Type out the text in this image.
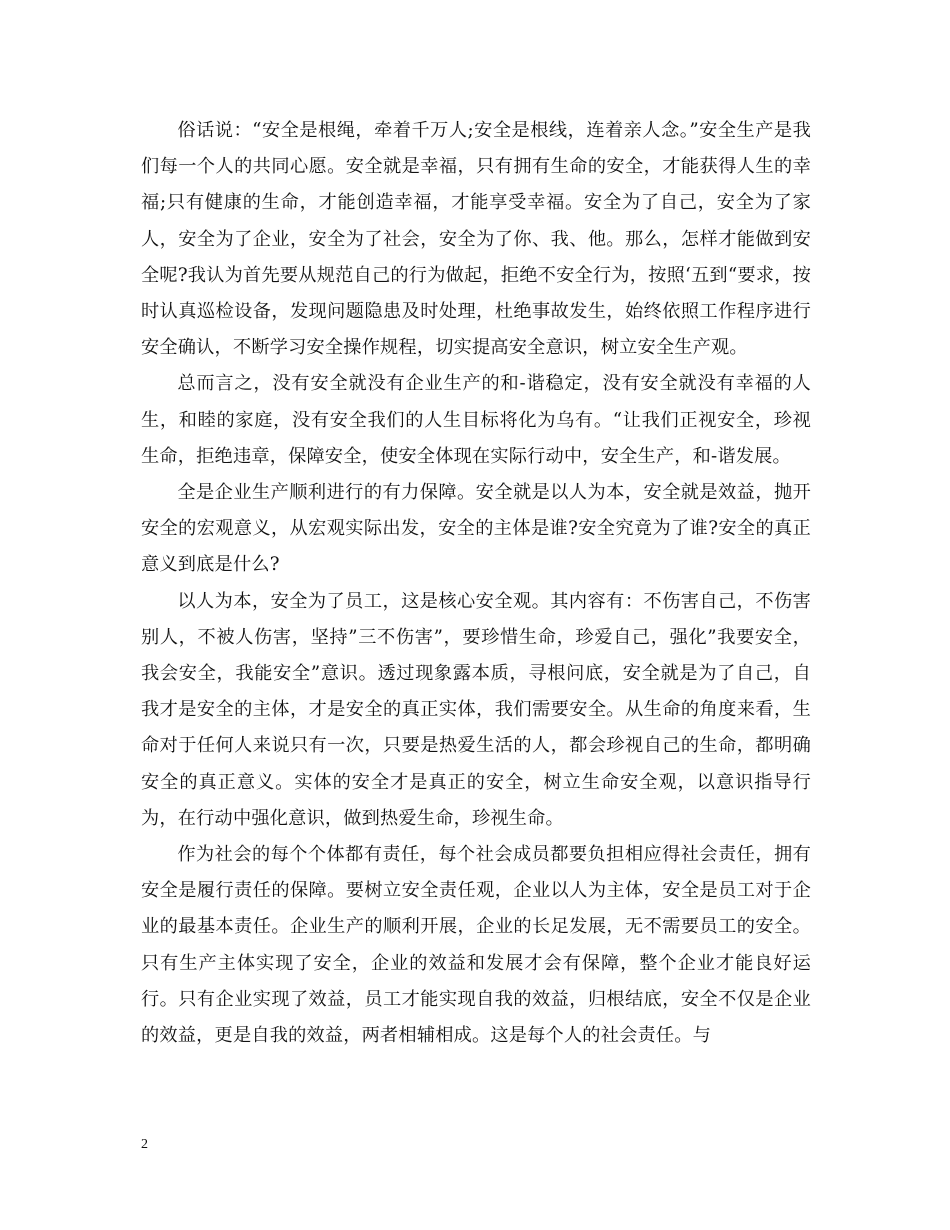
俗话说：“安全是根绳，牵着千万人;安全是根线，连着亲人念。”安全生产是我们每一个人的共同心愿。安全就是幸福，只有拥有生命的安全，才能获得人生的幸福;只有健康的生命，才能创造幸福，才能享受幸福。安全为了自己，安全为了家人，安全为了企业，安全为了社会，安全为了你、我、他。那么，怎样才能做到安全呢?我认为首先要从规范自己的行为做起，拒绝不安全行为，按照‘五到“要求，按时认真巡检设备，发现问题隐患及时处理，杜绝事故发生，始终依照工作程序进行安全确认，不断学习安全操作规程，切实提高安全意识，树立安全生产观。

总而言之，没有安全就没有企业生产的和-谐稳定，没有安全就没有幸福的人生，和睦的家庭，没有安全我们的人生目标将化为乌有。“让我们正视安全，珍视生命，拒绝违章，保障安全，使安全体现在实际行动中，安全生产，和-谐发展。

全是企业生产顺利进行的有力保障。安全就是以人为本，安全就是效益，抛开安全的宏观意义，从宏观实际出发，安全的主体是谁?安全究竟为了谁?安全的真正意义到底是什么?

以人为本，安全为了员工，这是核心安全观。其内容有：不伤害自己，不伤害别人，不被人伤害，坚持”三不伤害”，要珍惜生命，珍爱自己，强化”我要安全，我会安全，我能安全”意识。透过现象露本质，寻根问底，安全就是为了自己，自我才是安全的主体，才是安全的真正实体，我们需要安全。从生命的角度来看，生命对于任何人来说只有一次，只要是热爱生活的人，都会珍视自己的生命，都明确安全的真正意义。实体的安全才是真正的安全，树立生命安全观，以意识指导行为，在行动中强化意识，做到热爱生命，珍视生命。

作为社会的每个个体都有责任，每个社会成员都要负担相应得社会责任，拥有安全是履行责任的保障。要树立安全责任观，企业以人为主体，安全是员工对于企业的最基本责任。企业生产的顺利开展，企业的长足发展，无不需要员工的安全。只有生产主体实现了安全，企业的效益和发展才会有保障，整个企业才能良好运行。只有企业实现了效益，员工才能实现自我的效益，归根结底，安全不仅是企业的效益，更是自我的效益，两者相辅相成。这是每个人的社会责任。与

2
